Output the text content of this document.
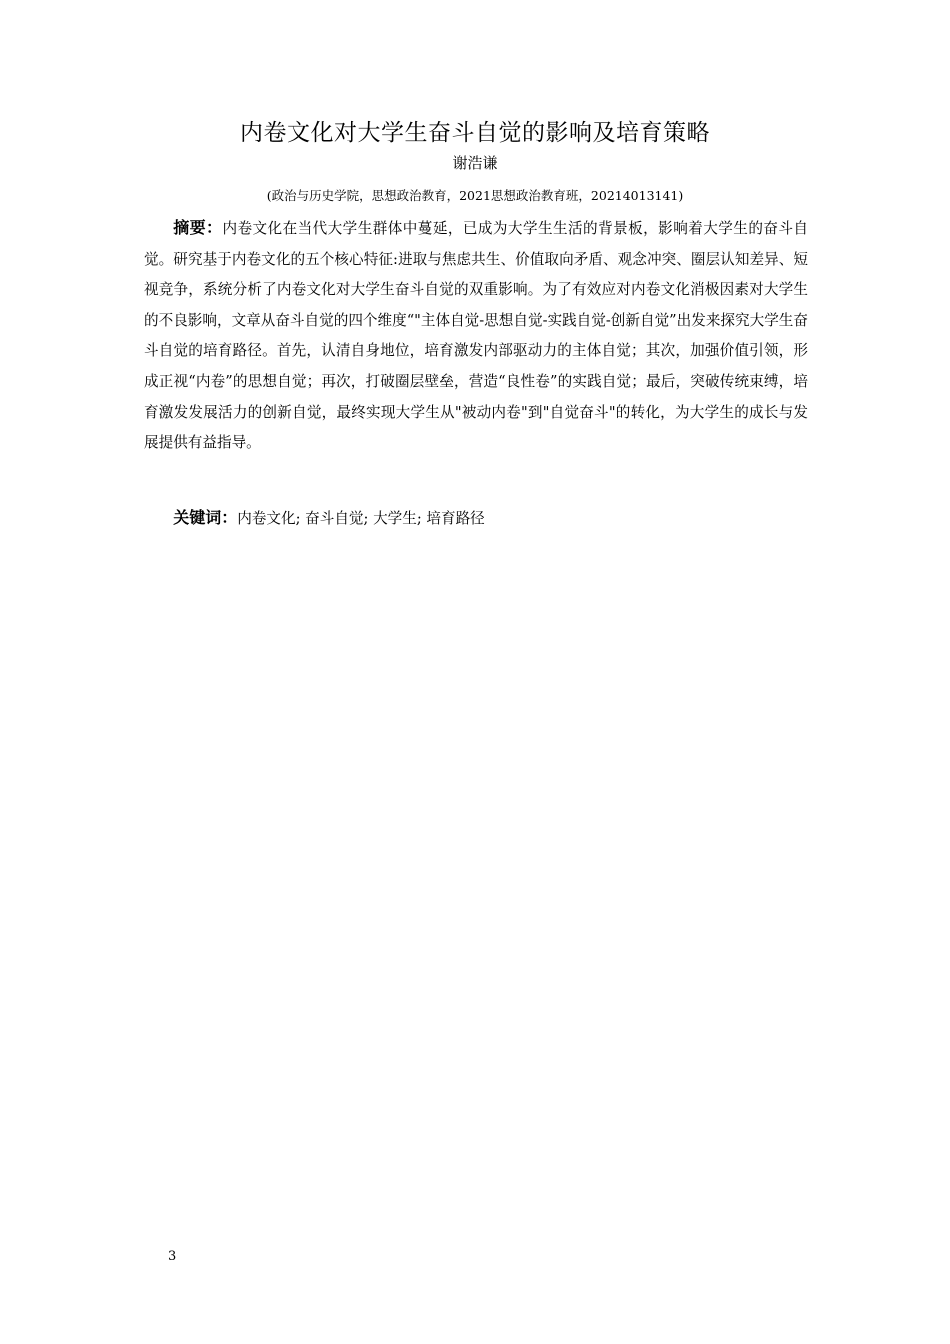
内卷文化对大学生奋斗自觉的影响及培育策略
谢浩谦
(政治与历史学院，思想政治教育，2021思想政治教育班，20214013141)

摘要：内卷文化在当代大学生群体中蔓延，已成为大学生生活的背景板，影响着大学生的奋斗自觉。研究基于内卷文化的五个核心特征:进取与焦虑共生、价值取向矛盾、观念冲突、圈层认知差异、短视竞争，系统分析了内卷文化对大学生奋斗自觉的双重影响。为了有效应对内卷文化消极因素对大学生的不良影响，文章从奋斗自觉的四个维度“"主体自觉-思想自觉-实践自觉-创新自觉”出发来探究大学生奋斗自觉的培育路径。首先，认清自身地位，培育激发内部驱动力的主体自觉；其次，加强价值引领，形成正视“内卷”的思想自觉；再次，打破圈层壁垒，营造“良性卷”的实践自觉；最后，突破传统束缚，培育激发发展活力的创新自觉，最终实现大学生从"被动内卷"到"自觉奋斗"的转化，为大学生的成长与发展提供有益指导。

关键词：内卷文化; 奋斗自觉; 大学生; 培育路径

3
